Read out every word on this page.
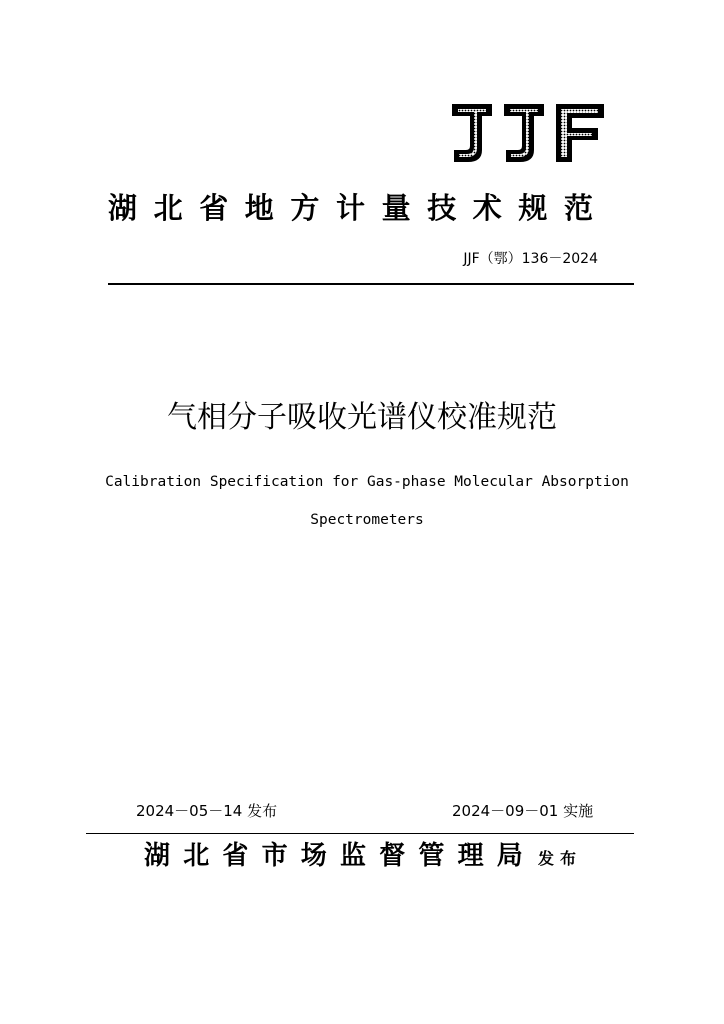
湖北省地方计量技术规范
JJF（鄂）136－2024
气相分子吸收光谱仪校准规范
Calibration Specification for Gas-phase Molecular Absorption
Spectrometers
2024－05－14 发布	2024－09－01 实施
湖北省市场监督管理局 发布
